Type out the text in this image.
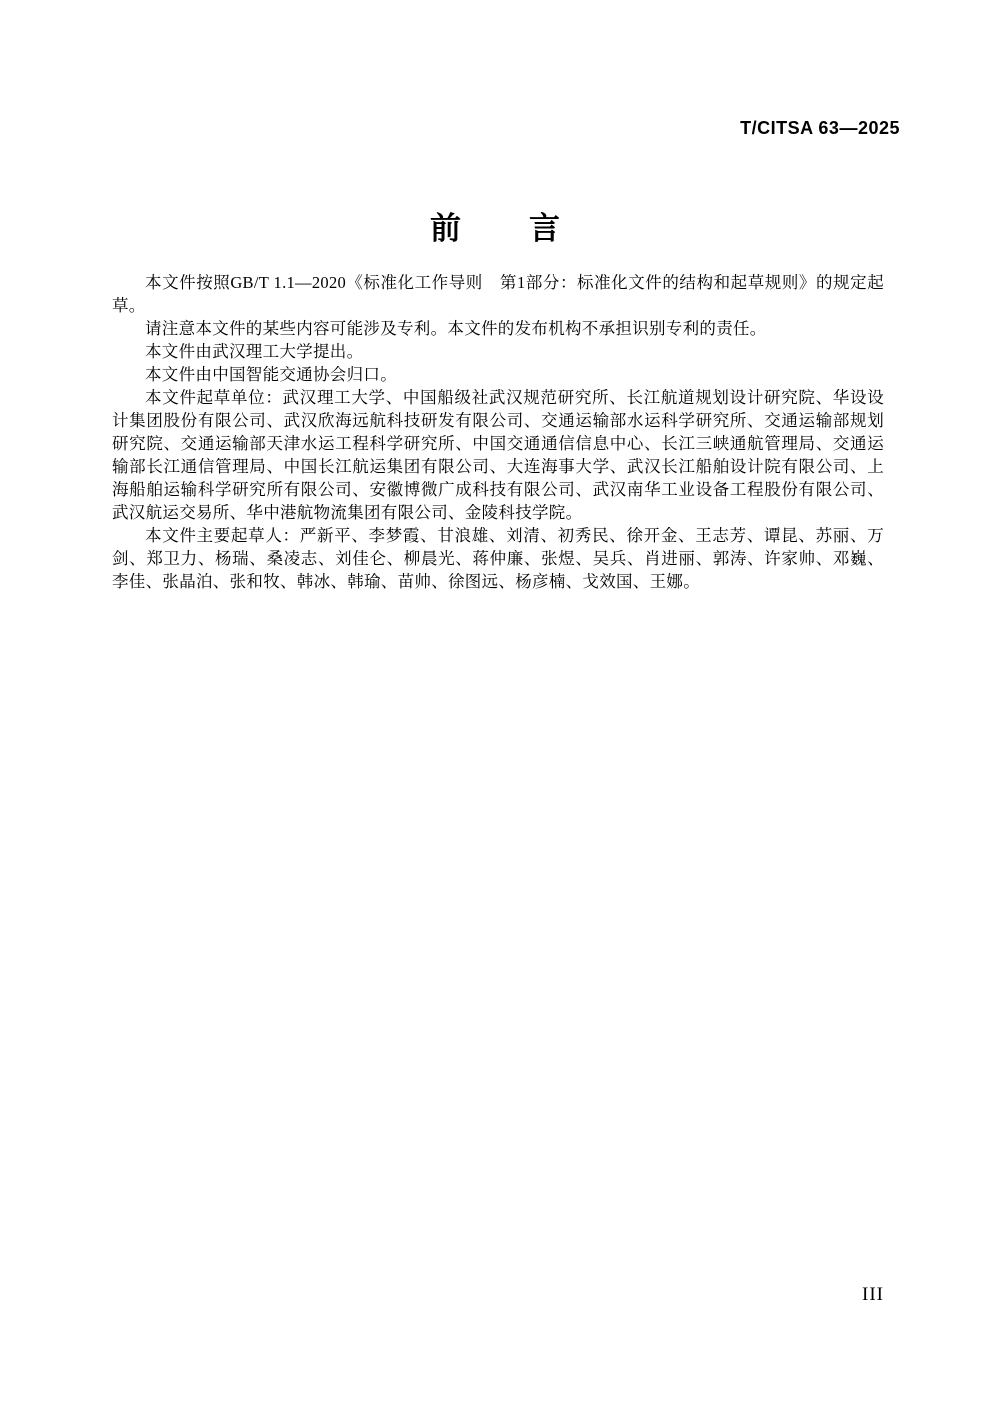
T/CITSA 63—2025
前　　言

本文件按照GB/T 1.1—2020《标准化工作导则　第1部分：标准化文件的结构和起草规则》的规定起草。

请注意本文件的某些内容可能涉及专利。本文件的发布机构不承担识别专利的责任。

本文件由武汉理工大学提出。

本文件由中国智能交通协会归口。

本文件起草单位：武汉理工大学、中国船级社武汉规范研究所、长江航道规划设计研究院、华设设计集团股份有限公司、武汉欣海远航科技研发有限公司、交通运输部水运科学研究所、交通运输部规划研究院、交通运输部天津水运工程科学研究所、中国交通通信信息中心、长江三峡通航管理局、交通运输部长江通信管理局、中国长江航运集团有限公司、大连海事大学、武汉长江船舶设计院有限公司、上海船舶运输科学研究所有限公司、安徽博微广成科技有限公司、武汉南华工业设备工程股份有限公司、武汉航运交易所、华中港航物流集团有限公司、金陵科技学院。

本文件主要起草人：严新平、李梦霞、甘浪雄、刘清、初秀民、徐开金、王志芳、谭昆、苏丽、万剑、郑卫力、杨瑞、桑凌志、刘佳仑、柳晨光、蒋仲廉、张煜、吴兵、肖进丽、郭涛、许家帅、邓巍、李佳、张晶泊、张和牧、韩冰、韩瑜、苗帅、徐图远、杨彦楠、戈效国、王娜。

III
